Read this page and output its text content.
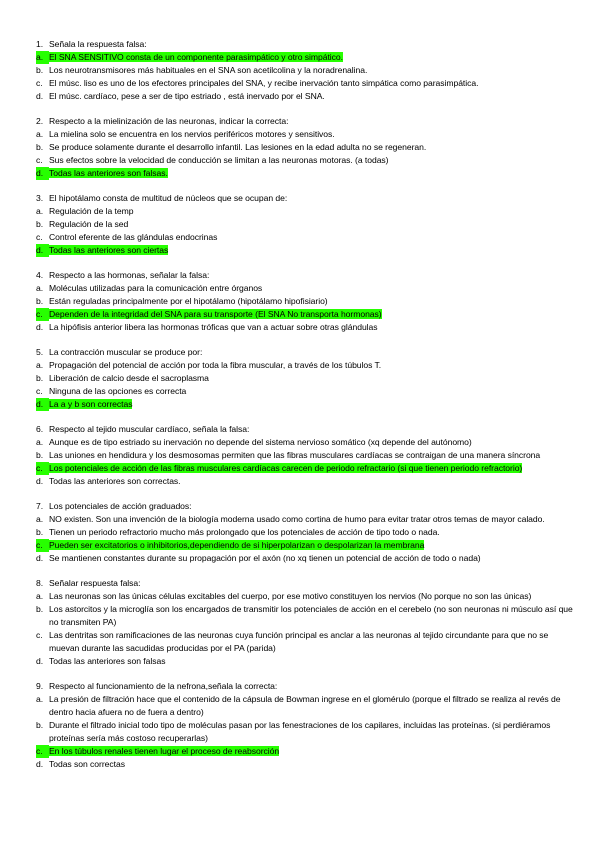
1. Señala la respuesta falsa:
a. El SNA SENSITIVO consta de un componente parasimpático y otro simpático.
b. Los neurotransmisores más habituales en el SNA son acetilcolina y la noradrenalina.
c. El músc. liso es uno de los efectores principales del SNA, y recibe inervación tanto simpática como parasimpática.
d. El músc. cardíaco, pese a ser de tipo estriado , está inervado por el SNA.
2. Respecto a la mielinización de las neuronas, indicar la correcta:
a. La mielina solo se encuentra en los nervios periféricos motores y sensitivos.
b. Se produce solamente durante el desarrollo infantil. Las lesiones en la edad adulta no se regeneran.
c. Sus efectos sobre la velocidad de conducción se limitan a las neuronas motoras. (a todas)
d. Todas las anteriores son falsas.
3. El hipotálamo consta de multitud de núcleos que se ocupan de:
a. Regulación de la temp
b. Regulación de la sed
c. Control eferente de las glándulas endocrinas
d. Todas las anteriores son ciertas
4. Respecto a las hormonas, señalar la falsa:
a. Moléculas utilizadas para la comunicación entre órganos
b. Están reguladas principalmente por el hipotálamo (hipotálamo hipofisiario)
c. Dependen de la integridad del SNA para su transporte (El SNA No transporta hormonas)
d. La hipófisis anterior libera las hormonas tróficas que van a actuar sobre otras glándulas
5. La contracción muscular se produce por:
a. Propagación del potencial de acción por toda la fibra muscular, a través de los túbulos T.
b. Liberación de calcio desde el sacroplasma
c. Ninguna de las opciones es correcta
d. La a y b son correctas
6. Respecto al tejido muscular cardíaco, señala la falsa:
a. Aunque es de tipo estriado su inervación no depende del sistema nervioso somático (xq depende del autónomo)
b. Las uniones en hendidura y los desmosomas permiten que las fibras musculares cardíacas se contraigan de una manera síncrona
c. Los potenciales de acción de las fibras musculares cardíacas carecen de periodo refractario (si que tienen periodo refractorio)
d. Todas las anteriores son correctas.
7. Los potenciales de acción graduados:
a. NO existen. Son una invención de la biología moderna usado como cortina de humo para evitar tratar otros temas de mayor calado.
b. Tienen un periodo refractorio mucho más prolongado que los potenciales de acción de tipo todo o nada.
c. Pueden ser excitatorios o inhibitorios,dependiendo de si hiperpolarizan o despolarizan la membrana
d. Se mantienen constantes durante su propagación por el axón (no xq tienen un potencial de acción de todo o nada)
8. Señalar respuesta falsa:
a. Las neuronas son las únicas células excitables del cuerpo, por ese motivo constituyen los nervios (No porque no son las únicas)
b. Los astorcitos y la microglía son los encargados de transmitir los potenciales de acción en el cerebelo (no son neuronas ni músculo así que no transmiten PA)
c. Las dentritas son ramificaciones de las neuronas cuya función principal es anclar a las neuronas al tejido circundante para que no se muevan durante las sacudidas producidas por el PA (parida)
d. Todas las anteriores son falsas
9. Respecto al funcionamiento de la nefrona,señala la correcta:
a. La presión de filtración hace que el contenido de la cápsula de Bowman ingrese en el glomérulo (porque el filtrado se realiza al revés de dentro hacia afuera no de fuera a dentro)
b. Durante el filtrado inicial todo tipo de moléculas pasan por las fenestraciones de los capilares, incluidas las proteínas. (si perdiéramos proteínas sería más costoso recuperarlas)
c. En los túbulos renales tienen lugar el proceso de reabsorción
d. Todas son correctas
